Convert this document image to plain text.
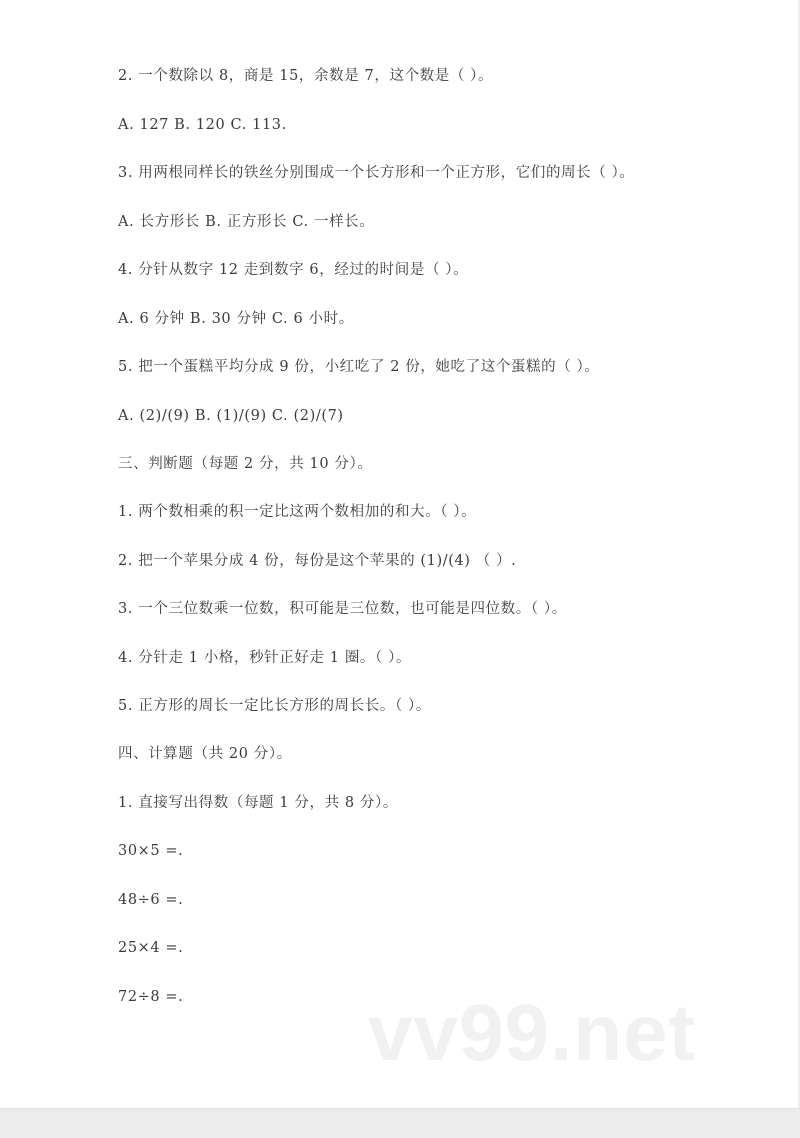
2. 一个数除以 8，商是 15，余数是 7，这个数是（ ）。
A. 127 B. 120 C. 113.
3. 用两根同样长的铁丝分别围成一个长方形和一个正方形，它们的周长（ ）。
A. 长方形长 B. 正方形长 C. 一样长。
4. 分针从数字 12 走到数字 6，经过的时间是（ ）。
A. 6 分钟 B. 30 分钟 C. 6 小时。
5. 把一个蛋糕平均分成 9 份，小红吃了 2 份，她吃了这个蛋糕的（ ）。
A. (2)/(9) B. (1)/(9) C. (2)/(7)
三、判断题（每题 2 分，共 10 分）。
1. 两个数相乘的积一定比这两个数相加的和大。（ ）。
2. 把一个苹果分成 4 份，每份是这个苹果的 (1)/(4) （ ）.
3. 一个三位数乘一位数，积可能是三位数，也可能是四位数。（ ）。
4. 分针走 1 小格，秒针正好走 1 圈。（ ）。
5. 正方形的周长一定比长方形的周长长。（ ）。
四、计算题（共 20 分）。
1. 直接写出得数（每题 1 分，共 8 分）。
30×5 =.
48÷6 =.
25×4 =.
72÷8 =. vv99.net
